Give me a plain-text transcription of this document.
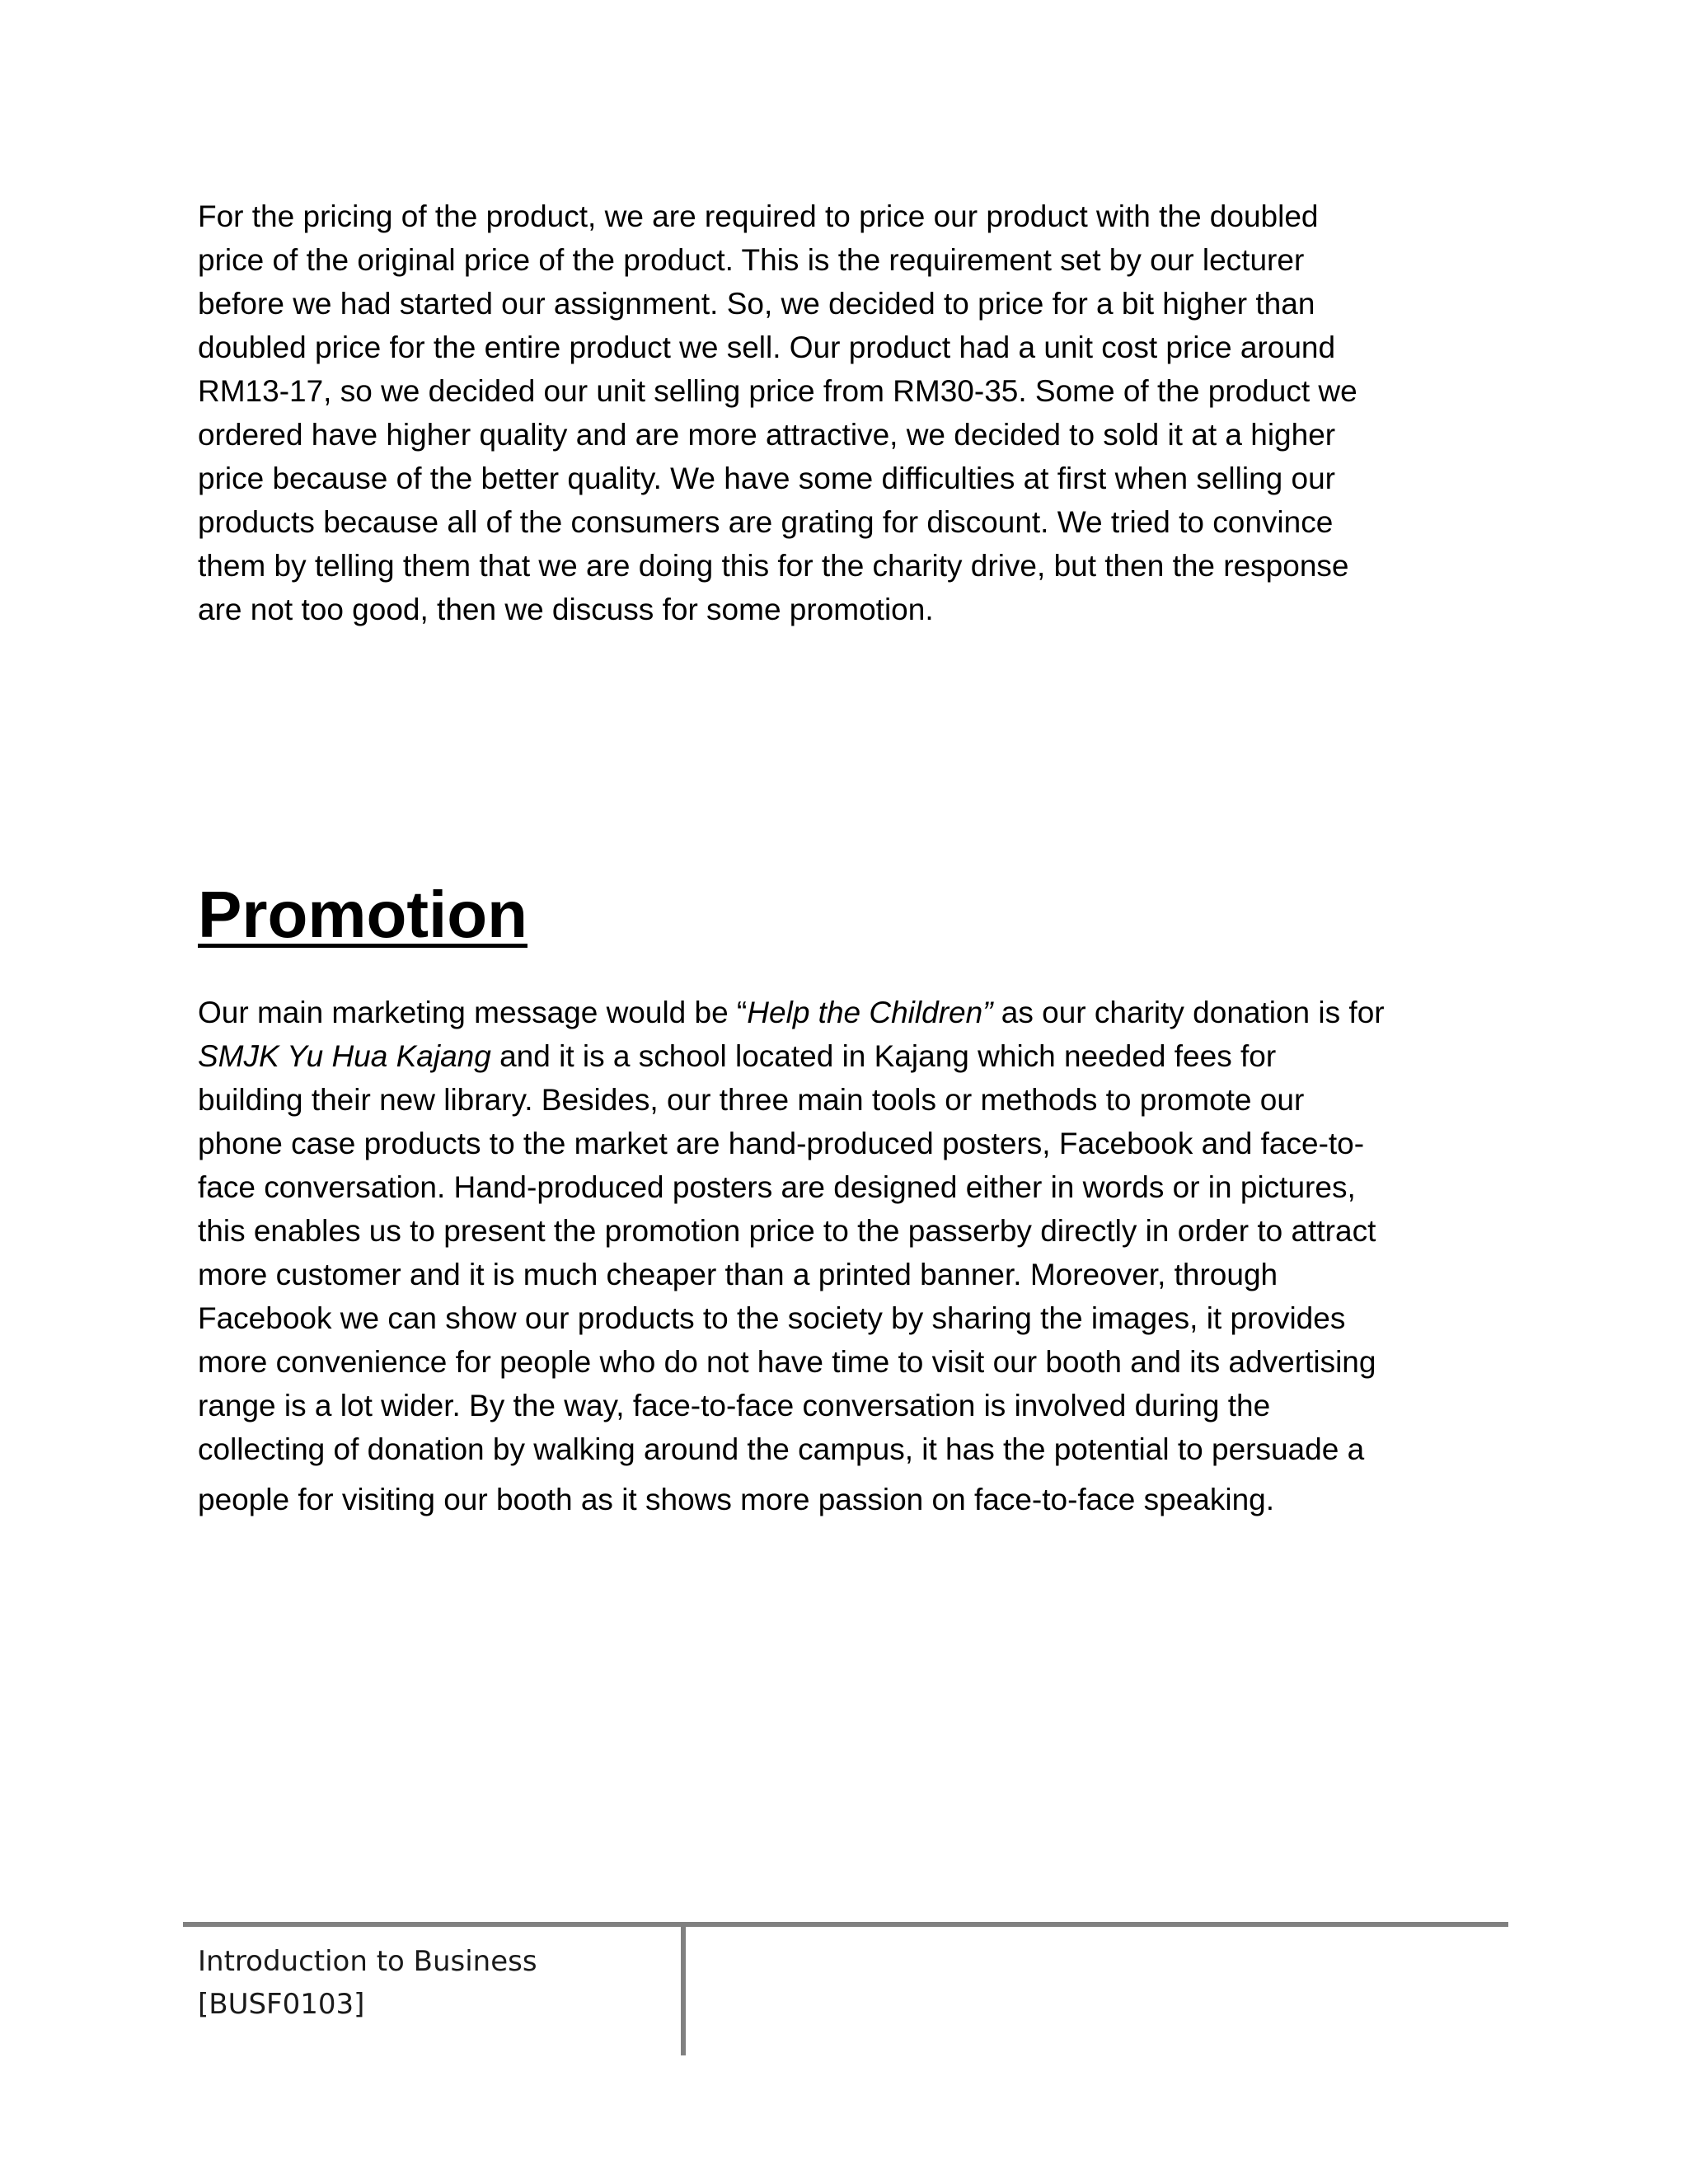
For the pricing of the product, we are required to price our product with the doubled
price of the original price of the product. This is the requirement set by our lecturer
before we had started our assignment. So, we decided to price for a bit higher than
doubled price for the entire product we sell. Our product had a unit cost price around
RM13-17, so we decided our unit selling price from RM30-35. Some of the product we
ordered have higher quality and are more attractive, we decided to sold it at a higher
price because of the better quality. We have some difficulties at first when selling our
products because all of the consumers are grating for discount. We tried to convince
them by telling them that we are doing this for the charity drive, but then the response
are not too good, then we discuss for some promotion.
Promotion
Our main marketing message would be “Help the Children” as our charity donation is for
SMJK Yu Hua Kajang and it is a school located in Kajang which needed fees for
building their new library. Besides, our three main tools or methods to promote our
phone case products to the market are hand-produced posters, Facebook and face-to-
face conversation. Hand-produced posters are designed either in words or in pictures,
this enables us to present the promotion price to the passerby directly in order to attract
more customer and it is much cheaper than a printed banner. Moreover, through
Facebook we can show our products to the society by sharing the images, it provides
more convenience for people who do not have time to visit our booth and its advertising
range is a lot wider. By the way, face-to-face conversation is involved during the
collecting of donation by walking around the campus, it has the potential to persuade a
people for visiting our booth as it shows more passion on face-to-face speaking.
Introduction to Business
[BUSF0103]
